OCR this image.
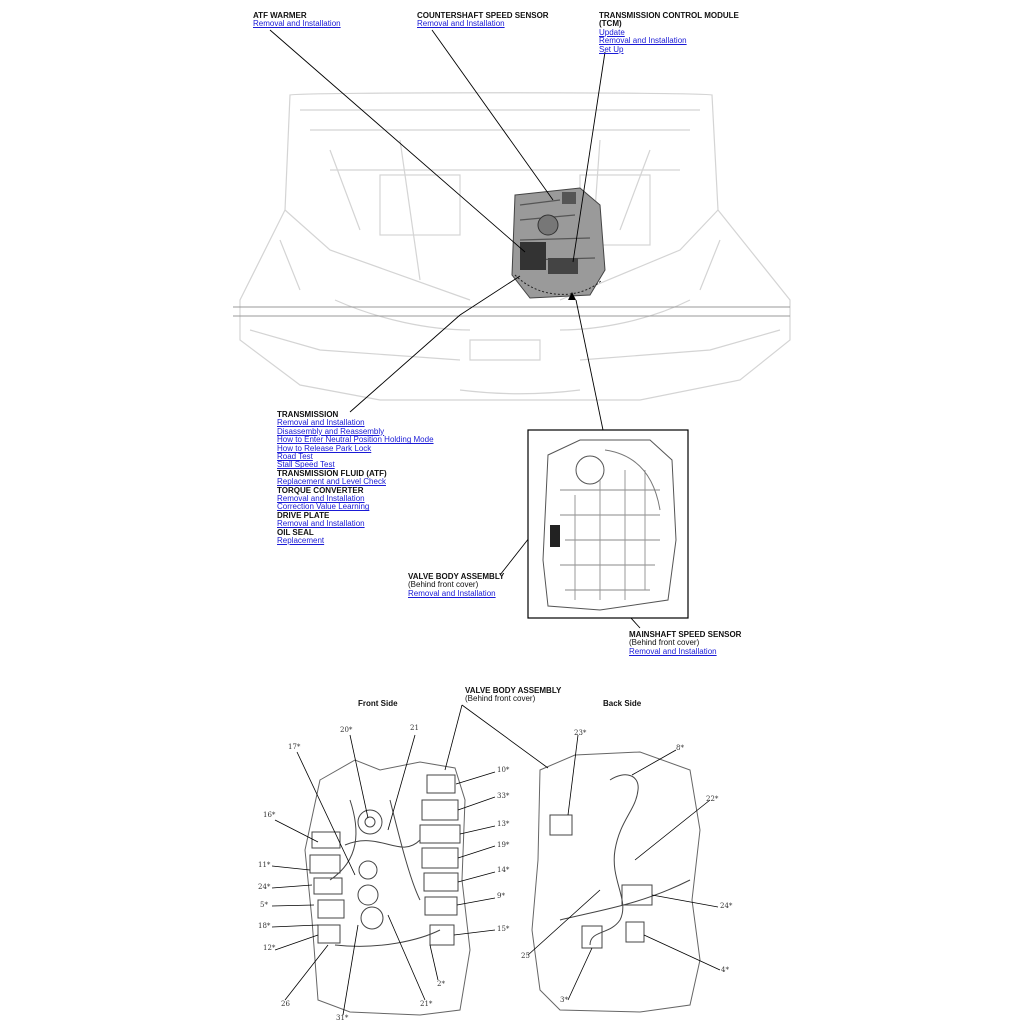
ATF WARMER
Removal and Installation
COUNTERSHAFT SPEED SENSOR
Removal and Installation
TRANSMISSION CONTROL MODULE
(TCM)
Update
Removal and Installation
Set Up
TRANSMISSION
Removal and Installation
Disassembly and Reassembly
How to Enter Neutral Position Holding Mode
How to Release Park Lock
Road Test
Stall Speed Test
TRANSMISSION FLUID (ATF)
Replacement and Level Check
TORQUE CONVERTER
Removal and Installation
Correction Value Learning
DRIVE PLATE
Removal and Installation
OIL SEAL
Replacement
VALVE BODY ASSEMBLY
(Behind front cover)
Removal and Installation
MAINSHAFT SPEED SENSOR
(Behind front cover)
Removal and Installation
VALVE BODY ASSEMBLY
(Behind front cover)
Front Side	Back Side
20*	21
17*
16*
10*
33*
13*
19*
14*
9*
15*
11*
24*
5*
18*
12*
26
2*
21*
31*
23*
8*
22*
24*
25
4*
3*
